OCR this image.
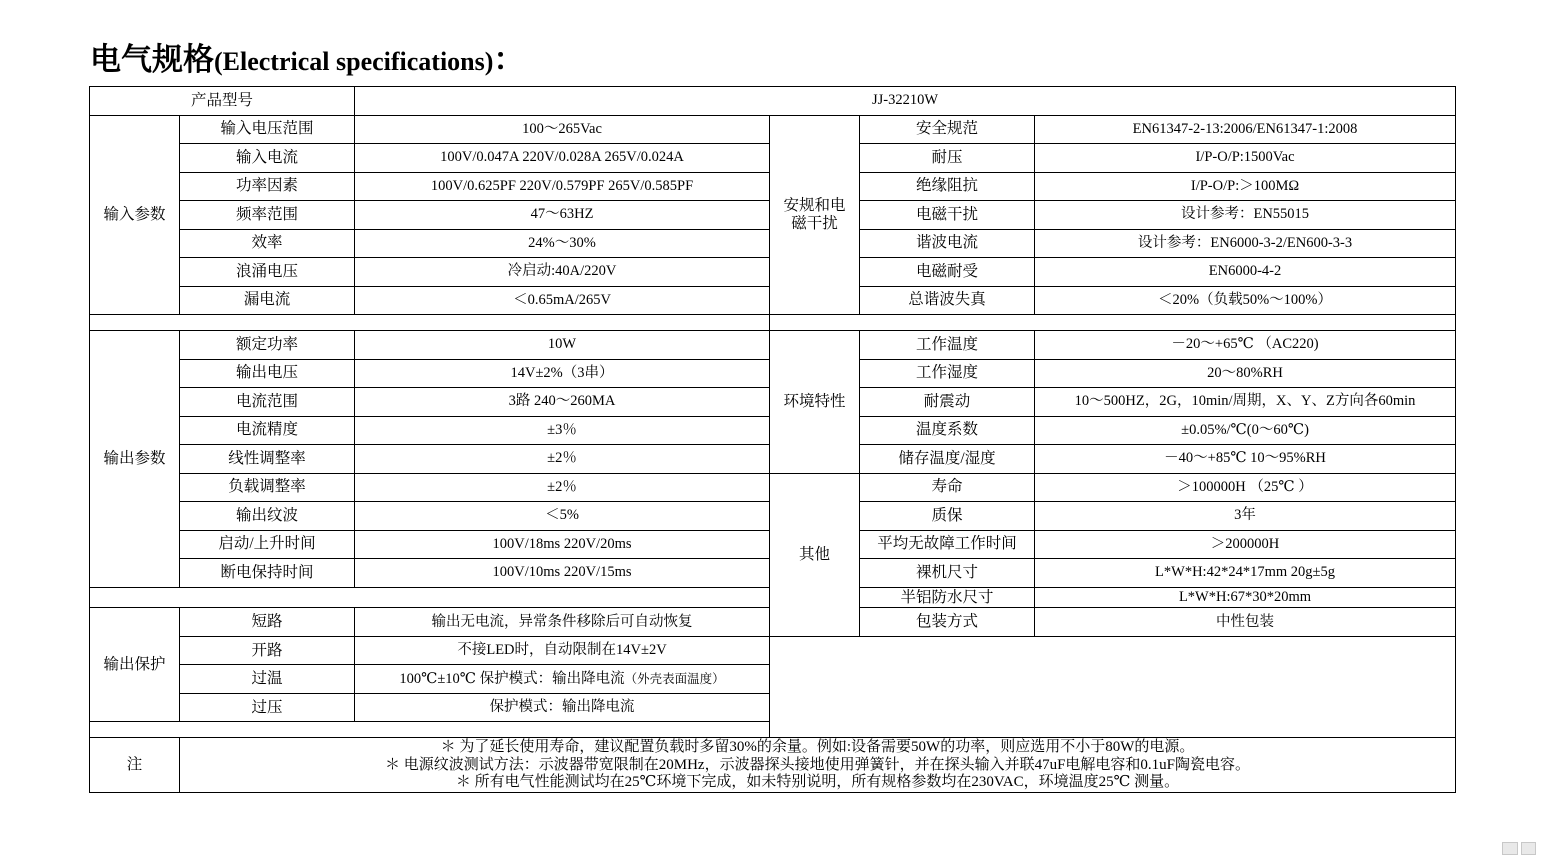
电气规格(Electrical specifications)：
产品型号		JJ-32210W			
输入参数	输入电压范围	100～265Vac	安规和电
磁干扰	安全规范	EN61347-2-13:2006/EN61347-1:2008
	输入电流	100V/0.047A 220V/0.028A 265V/0.024A		耐压	I/P-O/P:1500Vac
	功率因素	100V/0.625PF 220V/0.579PF 265V/0.585PF		绝缘阻抗	I/P-O/P:＞100MΩ
	频率范围	47～63HZ		电磁干扰	设计参考：EN55015
	效率	24%～30%		谐波电流	设计参考：EN6000-3-2/EN600-3-3
	浪涌电压	冷启动:40A/220V		电磁耐受	EN6000-4-2
	漏电流	＜0.65mA/265V		总谐波失真	＜20%（负载50%～100%）

输出参数	额定功率	10W	环境特性	工作温度	－20～+65℃ （AC220)
	输出电压	14V±2%（3串）		工作湿度	20～80%RH
	电流范围	3路 240～260MA		耐震动	10～500HZ，2G，10min/周期，X、Y、Z方向各60min
	电流精度	±3％		温度系数	±0.05%/℃(0～60℃)
	线性调整率	±2％		储存温度/湿度	－40～+85℃ 10～95%RH
	负载调整率	±2％	其他	寿命	＞100000H （25℃ ）
	输出纹波	＜5%		质保	3年
	启动/上升时间	100V/18ms 220V/20ms		平均无故障工作时间	＞200000H
	断电保持时间	100V/10ms 220V/15ms		裸机尺寸	L*W*H:42*24*17mm 20g±5g
				半铝防水尺寸	L*W*H:67*30*20mm
输出保护	短路	输出无电流，异常条件移除后可自动恢复		包装方式	中性包装
	开路	不接LED时，自动限制在14V±2V			
	过温	100℃±10℃ 保护模式：输出降电流（外壳表面温度）			
	过压	保护模式：输出降电流			

注	＊ 为了延长使用寿命，建议配置负载时多留30%的余量。例如:设备需要50W的功率，则应选用不小于80W的电源。
＊ 电源纹波测试方法：示波器带宽限制在20MHz，示波器探头接地使用弹簧针，并在探头输入并联47uF电解电容和0.1uF陶瓷电容。
＊ 所有电气性能测试均在25℃环境下完成，如未特别说明，所有规格参数均在230VAC，环境温度25℃ 测量。				
